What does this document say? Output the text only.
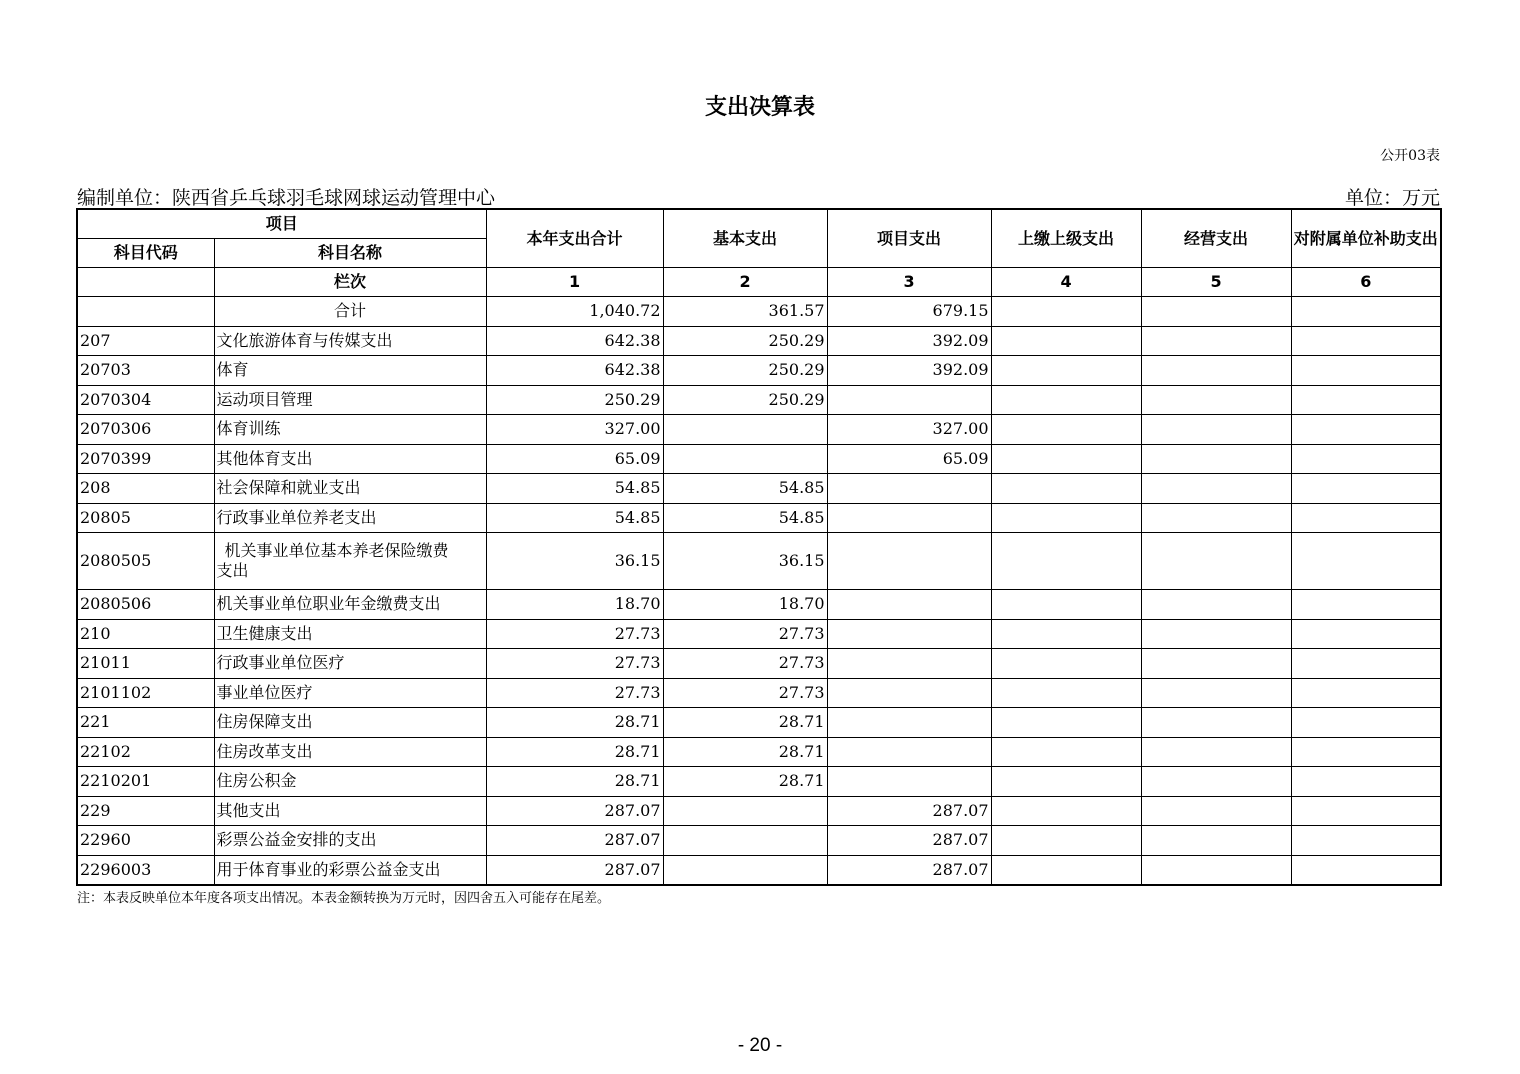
支出决算表
公开03表
编制单位：陕西省乒乓球羽毛球网球运动管理中心	单位：万元
项目		本年支出合计	基本支出	项目支出	上缴上级支出	经营支出	对附属单位补助支出
科目代码	科目名称						
	栏次	1	2	3	4	5	6
	合计	1,040.72	361.57	679.15			
207	文化旅游体育与传媒支出	642.38	250.29	392.09			
20703	体育	642.38	250.29	392.09			
2070304	运动项目管理	250.29	250.29				
2070306	体育训练	327.00		327.00			
2070399	其他体育支出	65.09		65.09			
208	社会保障和就业支出	54.85	54.85				
20805	行政事业单位养老支出	54.85	54.85				
2080505	机关事业单位基本养老保险缴费
支出	36.15	36.15				
2080506	机关事业单位职业年金缴费支出	18.70	18.70				
210	卫生健康支出	27.73	27.73				
21011	行政事业单位医疗	27.73	27.73				
2101102	事业单位医疗	27.73	27.73				
221	住房保障支出	28.71	28.71				
22102	住房改革支出	28.71	28.71				
2210201	住房公积金	28.71	28.71				
229	其他支出	287.07		287.07			
22960	彩票公益金安排的支出	287.07		287.07			
2296003	用于体育事业的彩票公益金支出	287.07		287.07			
注：本表反映单位本年度各项支出情况。本表金额转换为万元时，因四舍五入可能存在尾差。
- 20 -
